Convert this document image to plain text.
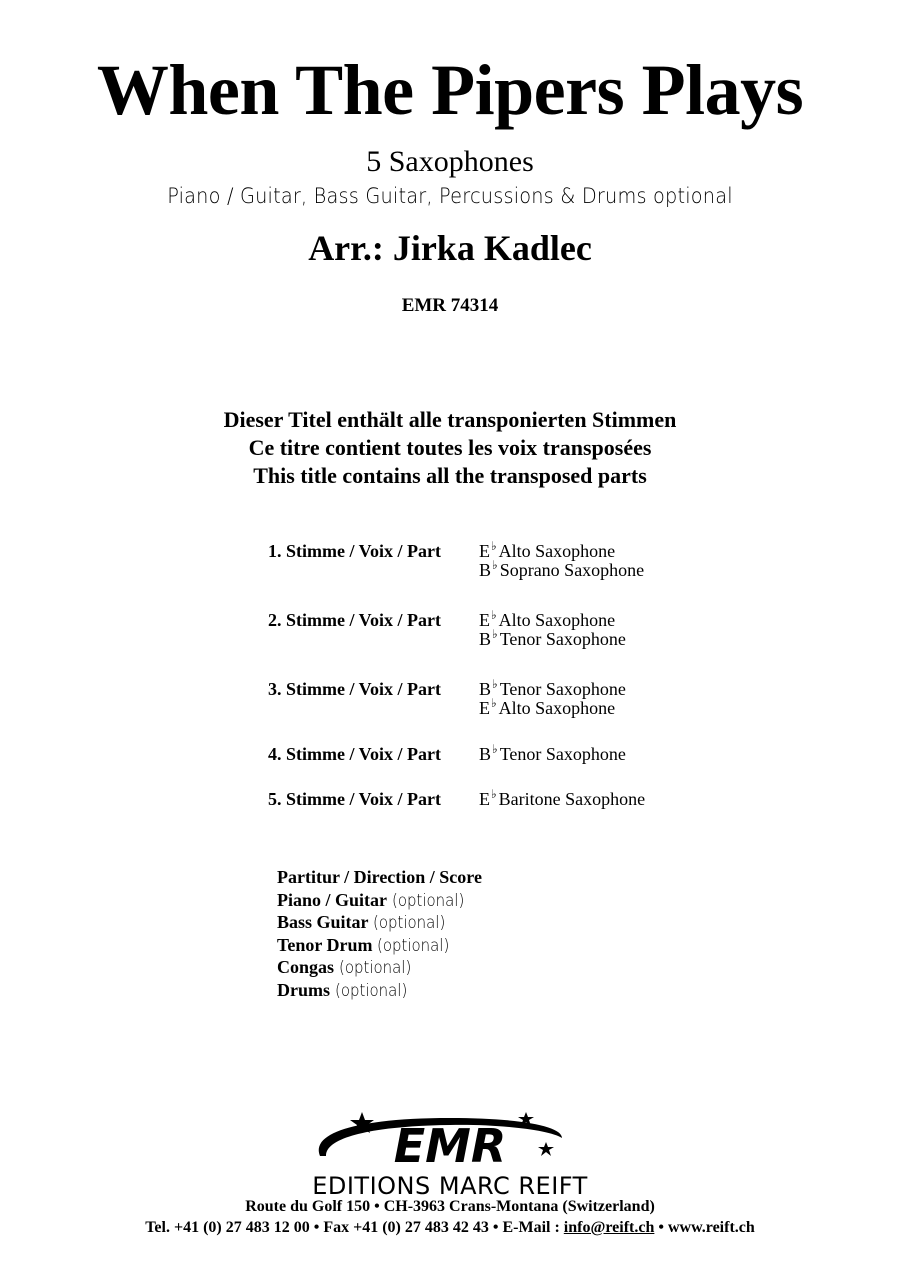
When The Pipers Plays
5 Saxophones
Piano / Guitar, Bass Guitar, Percussions & Drums optional
Arr.: Jirka Kadlec
EMR 74314
Dieser Titel enthält alle transponierten Stimmen
Ce titre contient toutes les voix transposées
This title contains all the transposed parts
1. Stimme / Voix / Part E♭ Alto Saxophone
B♭ Soprano Saxophone
2. Stimme / Voix / Part E♭ Alto Saxophone
B♭ Tenor Saxophone
3. Stimme / Voix / Part B♭ Tenor Saxophone
E♭ Alto Saxophone
4. Stimme / Voix / Part B♭ Tenor Saxophone
5. Stimme / Voix / Part E♭ Baritone Saxophone
Partitur / Direction / Score
Piano / Guitar (optional)
Bass Guitar (optional)
Tenor Drum (optional)
Congas (optional)
Drums (optional)
EMR
EDITIONS MARC REIFT
Route du Golf 150 • CH-3963 Crans-Montana (Switzerland)
Tel. +41 (0) 27 483 12 00 • Fax +41 (0) 27 483 42 43 • E-Mail : info@reift.ch • www.reift.ch
